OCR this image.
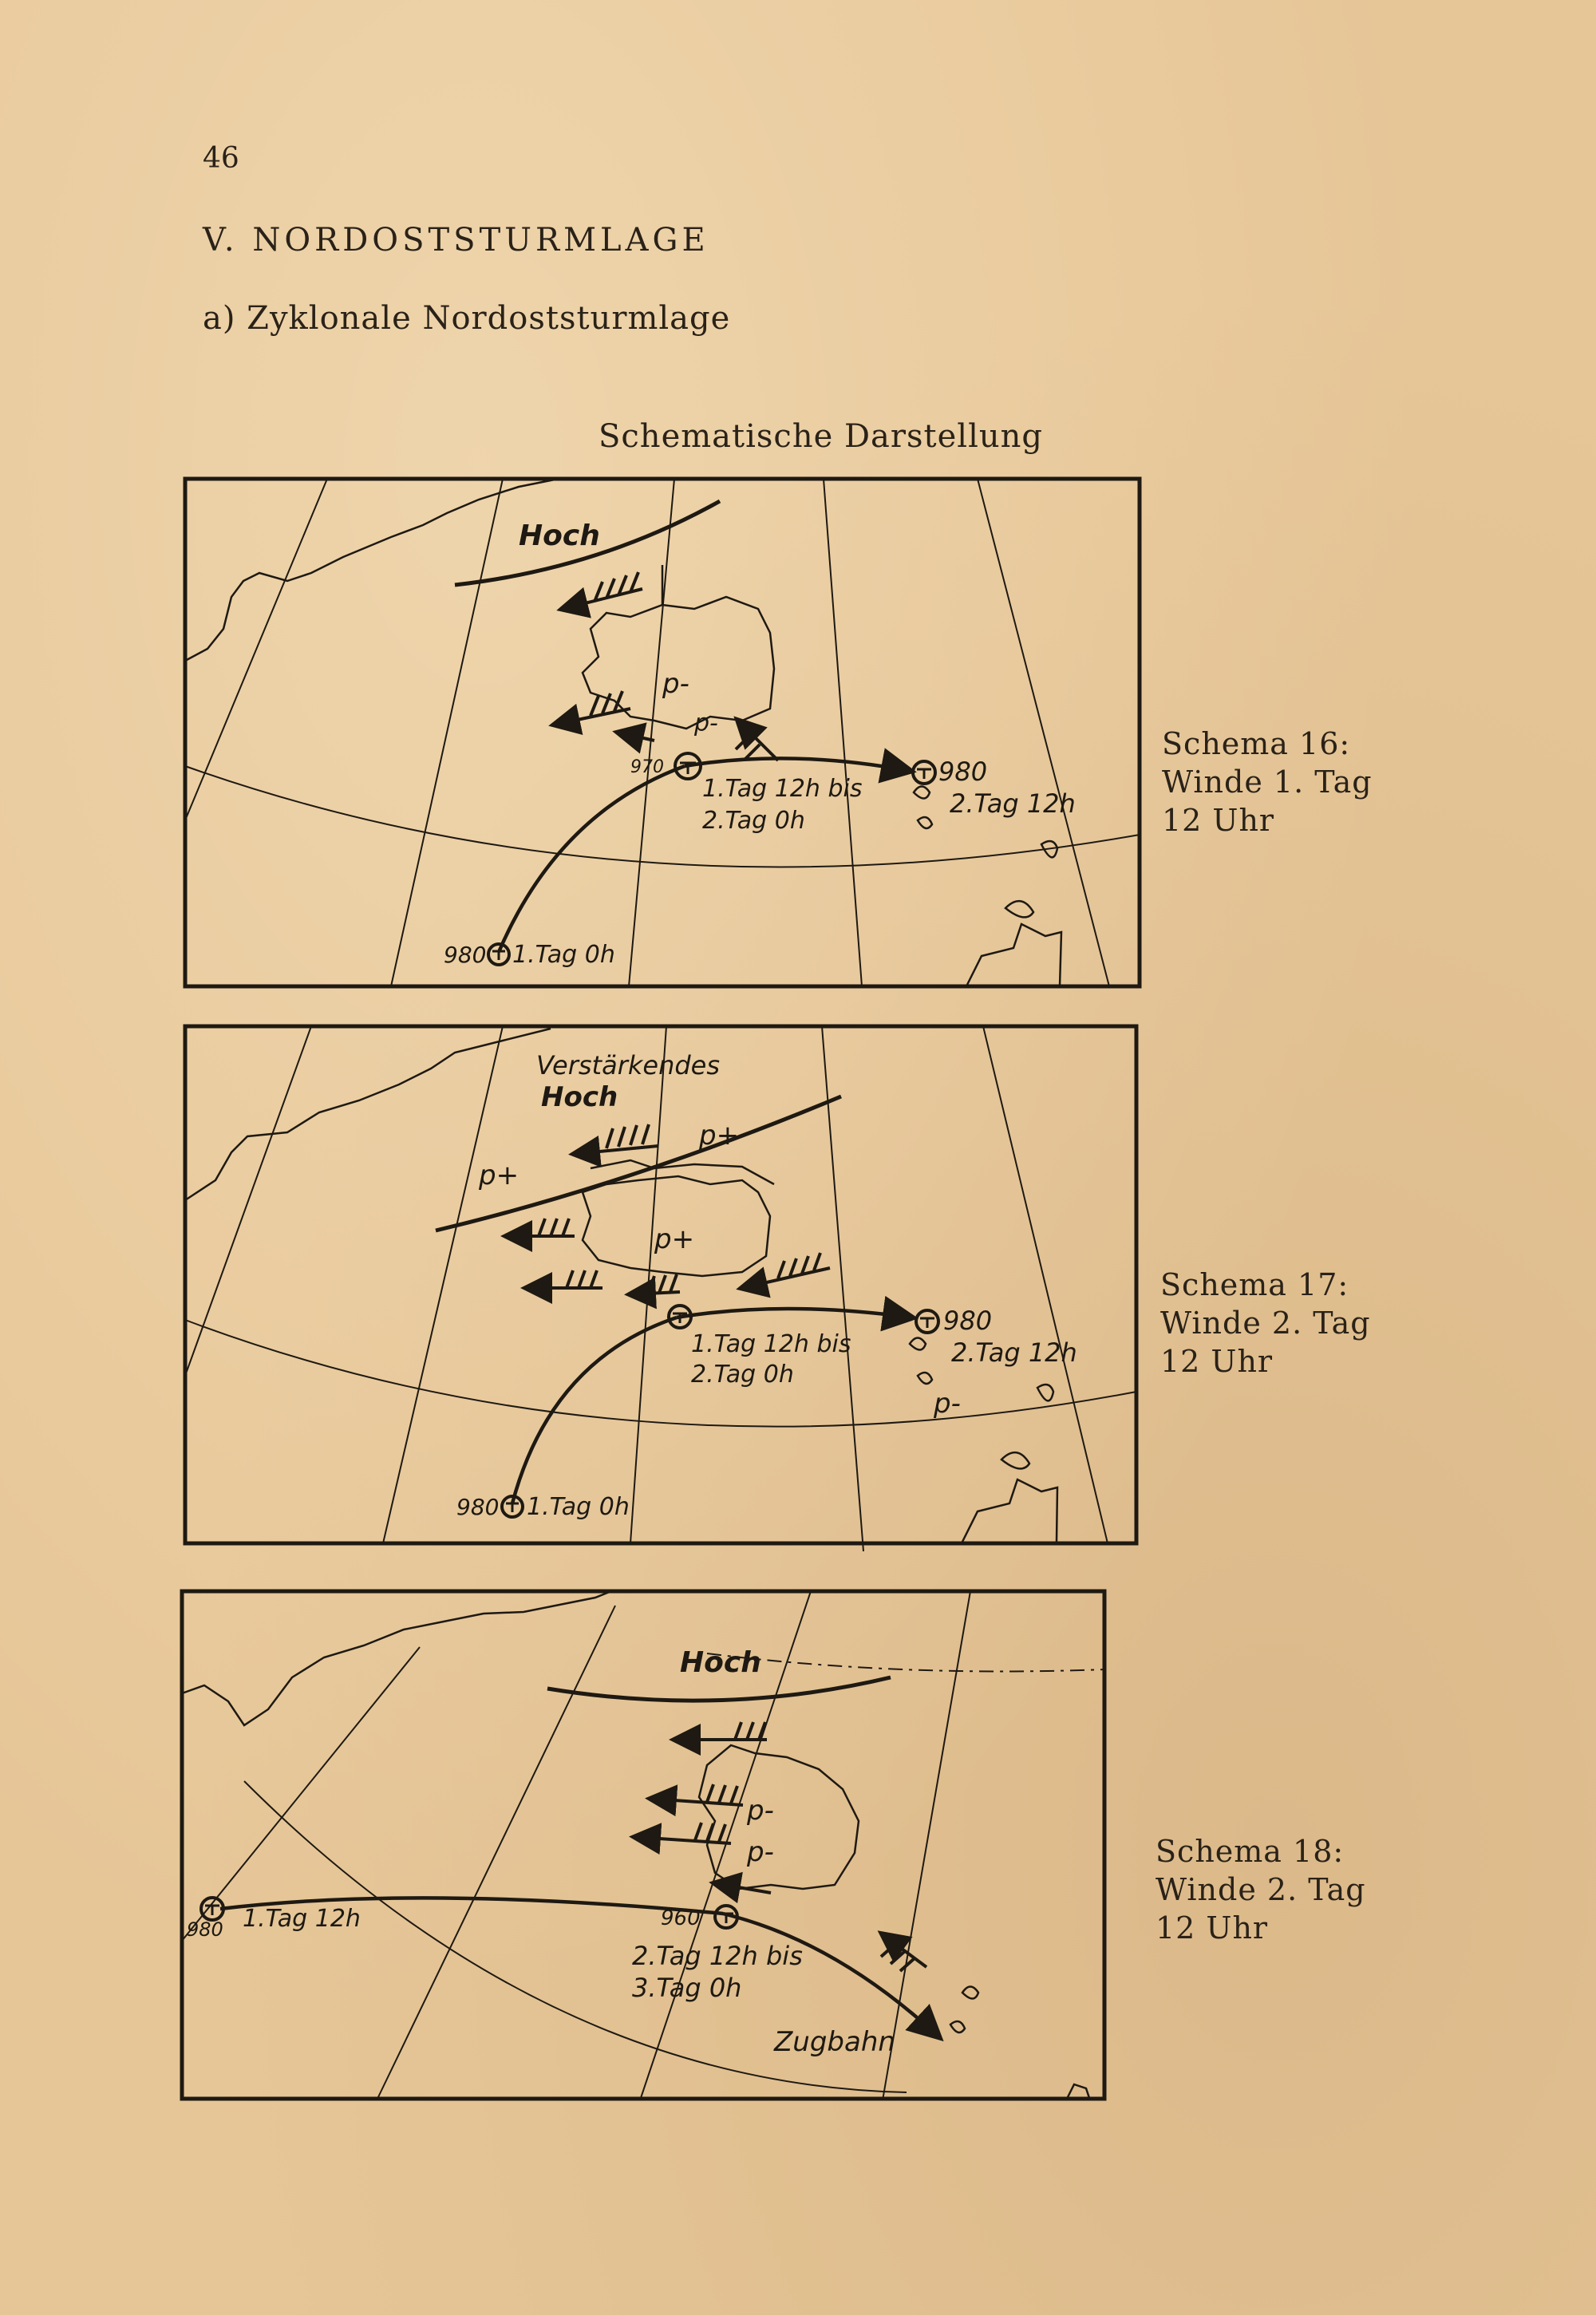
46
V. NORDOSTSTURMLAGE
a) Zyklonale Nordoststurmlage
Schematische Darstellung
Hoch
p-
p-
970
1.Tag 12h bis
2.Tag 0h
980
2.Tag 12h
980 1.Tag 0h
Schema 16:
Winde 1. Tag
12 Uhr
Verstärkendes
Hoch
p+
p+
p+
p-
1.Tag 12h bis
2.Tag 0h
980
2.Tag 12h
980 1.Tag 0h
Schema 17:
Winde 2. Tag
12 Uhr
Hoch
p-
p-
980 1.Tag 12h	960
2.Tag 12h bis
3.Tag 0h
Zugbahn
Schema 18:
Winde 2. Tag
12 Uhr
